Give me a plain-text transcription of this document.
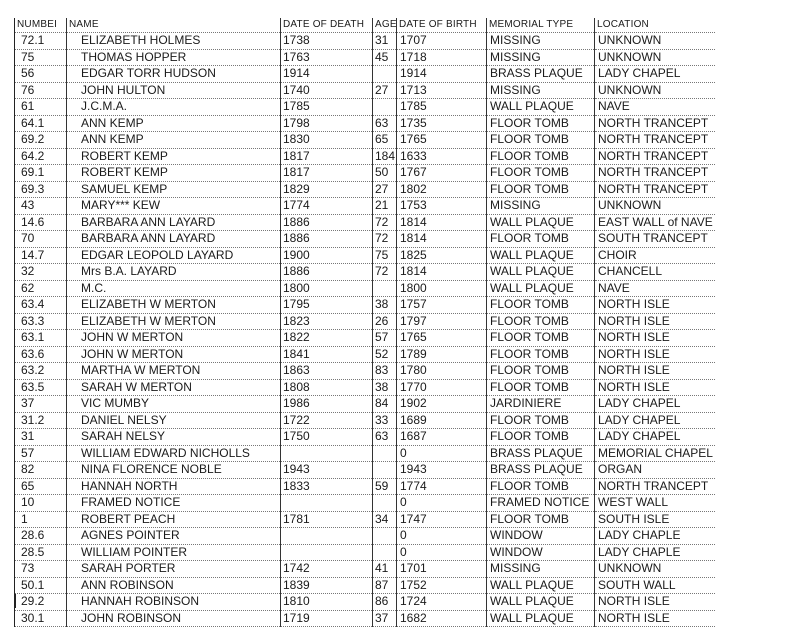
NUMBEI	NAME	DATE OF DEATH	AGE	DATE OF BIRTH	MEMORIAL TYPE	LOCATION
72.1	ELIZABETH HOLMES	1738	31	1707	MISSING	UNKNOWN
75	THOMAS HOPPER	1763	45	1718	MISSING	UNKNOWN
56	EDGAR TORR HUDSON	1914		1914	BRASS PLAQUE	LADY CHAPEL
76	JOHN HULTON	1740	27	1713	MISSING	UNKNOWN
61	J.C.M.A.	1785		1785	WALL PLAQUE	NAVE
64.1	ANN KEMP	1798	63	1735	FLOOR TOMB	NORTH TRANCEPT
69.2	ANN KEMP	1830	65	1765	FLOOR TOMB	NORTH TRANCEPT
64.2	ROBERT KEMP	1817	184	1633	FLOOR TOMB	NORTH TRANCEPT
69.1	ROBERT KEMP	1817	50	1767	FLOOR TOMB	NORTH TRANCEPT
69.3	SAMUEL KEMP	1829	27	1802	FLOOR TOMB	NORTH TRANCEPT
43	MARY*** KEW	1774	21	1753	MISSING	UNKNOWN
14.6	BARBARA ANN LAYARD	1886	72	1814	WALL PLAQUE	EAST WALL of NAVE
70	BARBARA ANN LAYARD	1886	72	1814	FLOOR TOMB	SOUTH TRANCEPT
14.7	EDGAR LEOPOLD LAYARD	1900	75	1825	WALL PLAQUE	CHOIR
32	Mrs B.A. LAYARD	1886	72	1814	WALL PLAQUE	CHANCELL
62	M.C.	1800		1800	WALL PLAQUE	NAVE
63.4	ELIZABETH W MERTON	1795	38	1757	FLOOR TOMB	NORTH ISLE
63.3	ELIZABETH W MERTON	1823	26	1797	FLOOR TOMB	NORTH ISLE
63.1	JOHN W MERTON	1822	57	1765	FLOOR TOMB	NORTH ISLE
63.6	JOHN W MERTON	1841	52	1789	FLOOR TOMB	NORTH ISLE
63.2	MARTHA W MERTON	1863	83	1780	FLOOR TOMB	NORTH ISLE
63.5	SARAH W MERTON	1808	38	1770	FLOOR TOMB	NORTH ISLE
37	VIC MUMBY	1986	84	1902	JARDINIERE	LADY CHAPEL
31.2	DANIEL NELSY	1722	33	1689	FLOOR TOMB	LADY CHAPEL
31	SARAH NELSY	1750	63	1687	FLOOR TOMB	LADY CHAPEL
57	WILLIAM EDWARD NICHOLLS			0	BRASS PLAQUE	MEMORIAL CHAPEL
82	NINA FLORENCE NOBLE	1943		1943	BRASS PLAQUE	ORGAN
65	HANNAH NORTH	1833	59	1774	FLOOR TOMB	NORTH TRANCEPT
10	FRAMED NOTICE			0	FRAMED NOTICE	WEST WALL
1	ROBERT PEACH	1781	34	1747	FLOOR TOMB	SOUTH ISLE
28.6	AGNES POINTER			0	WINDOW	LADY CHAPLE
28.5	WILLIAM POINTER			0	WINDOW	LADY CHAPLE
73	SARAH PORTER	1742	41	1701	MISSING	UNKNOWN
50.1	ANN ROBINSON	1839	87	1752	WALL PLAQUE	SOUTH WALL
29.2	HANNAH ROBINSON	1810	86	1724	WALL PLAQUE	NORTH ISLE
30.1	JOHN ROBINSON	1719	37	1682	WALL PLAQUE	NORTH ISLE
